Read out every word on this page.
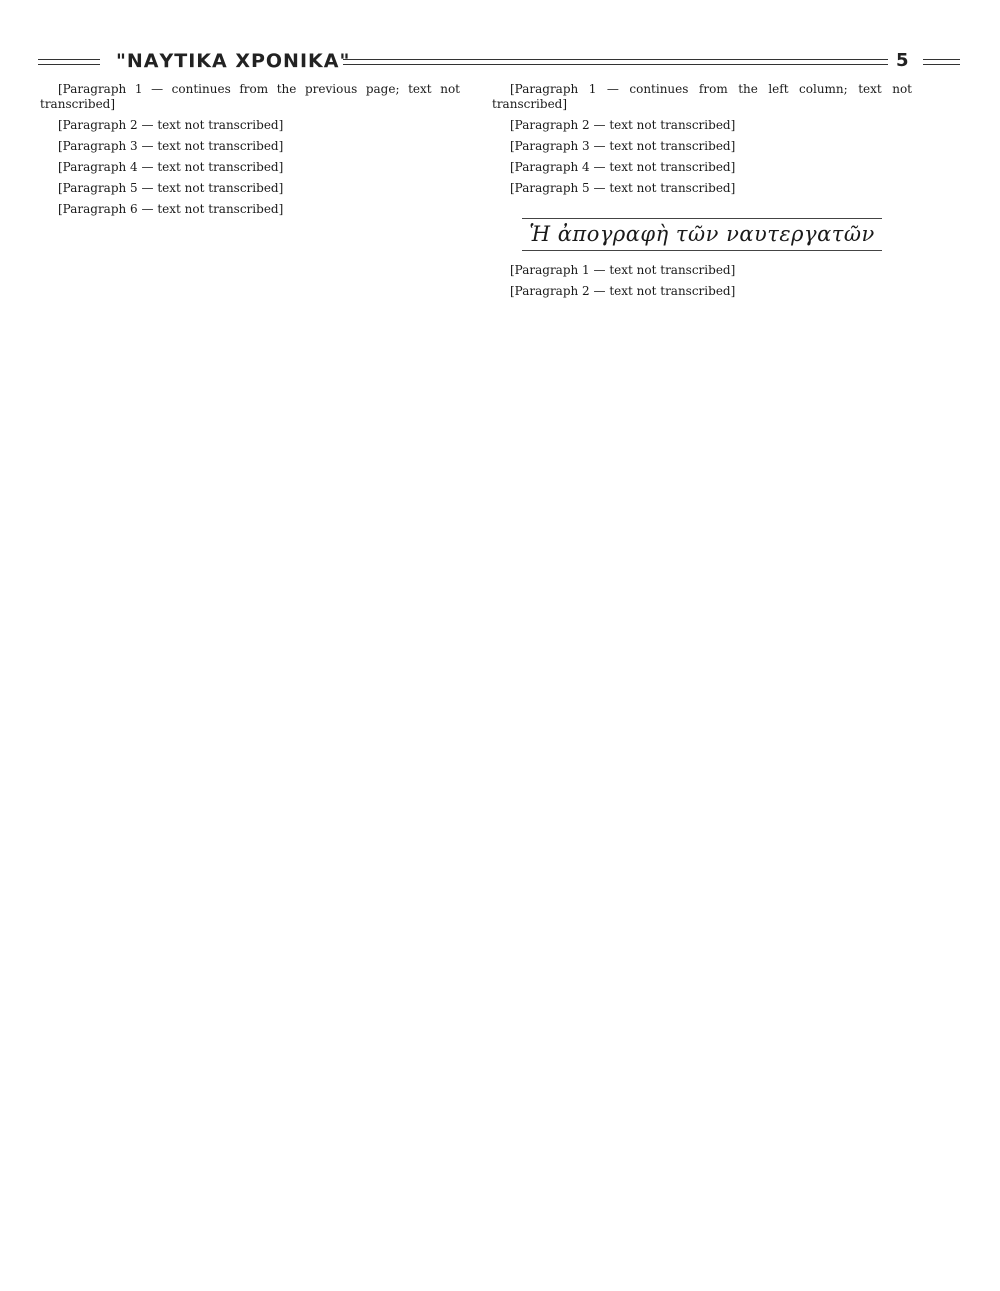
"ΝΑΥΤΙΚΑ ΧΡΟΝΙΚΑ"	5

[Paragraph 1 — continues from the previous page; text not transcribed]

[Paragraph 2 — text not transcribed]

[Paragraph 3 — text not transcribed]

[Paragraph 4 — text not transcribed]

[Paragraph 5 — text not transcribed]

[Paragraph 6 — text not transcribed]

[Paragraph 1 — continues from the left column; text not transcribed]

[Paragraph 2 — text not transcribed]

[Paragraph 3 — text not transcribed]

[Paragraph 4 — text not transcribed]

[Paragraph 5 — text not transcribed]

Ἡ ἀπογραφὴ τῶν ναυτεργατῶν

[Paragraph 1 — text not transcribed]

[Paragraph 2 — text not transcribed]
